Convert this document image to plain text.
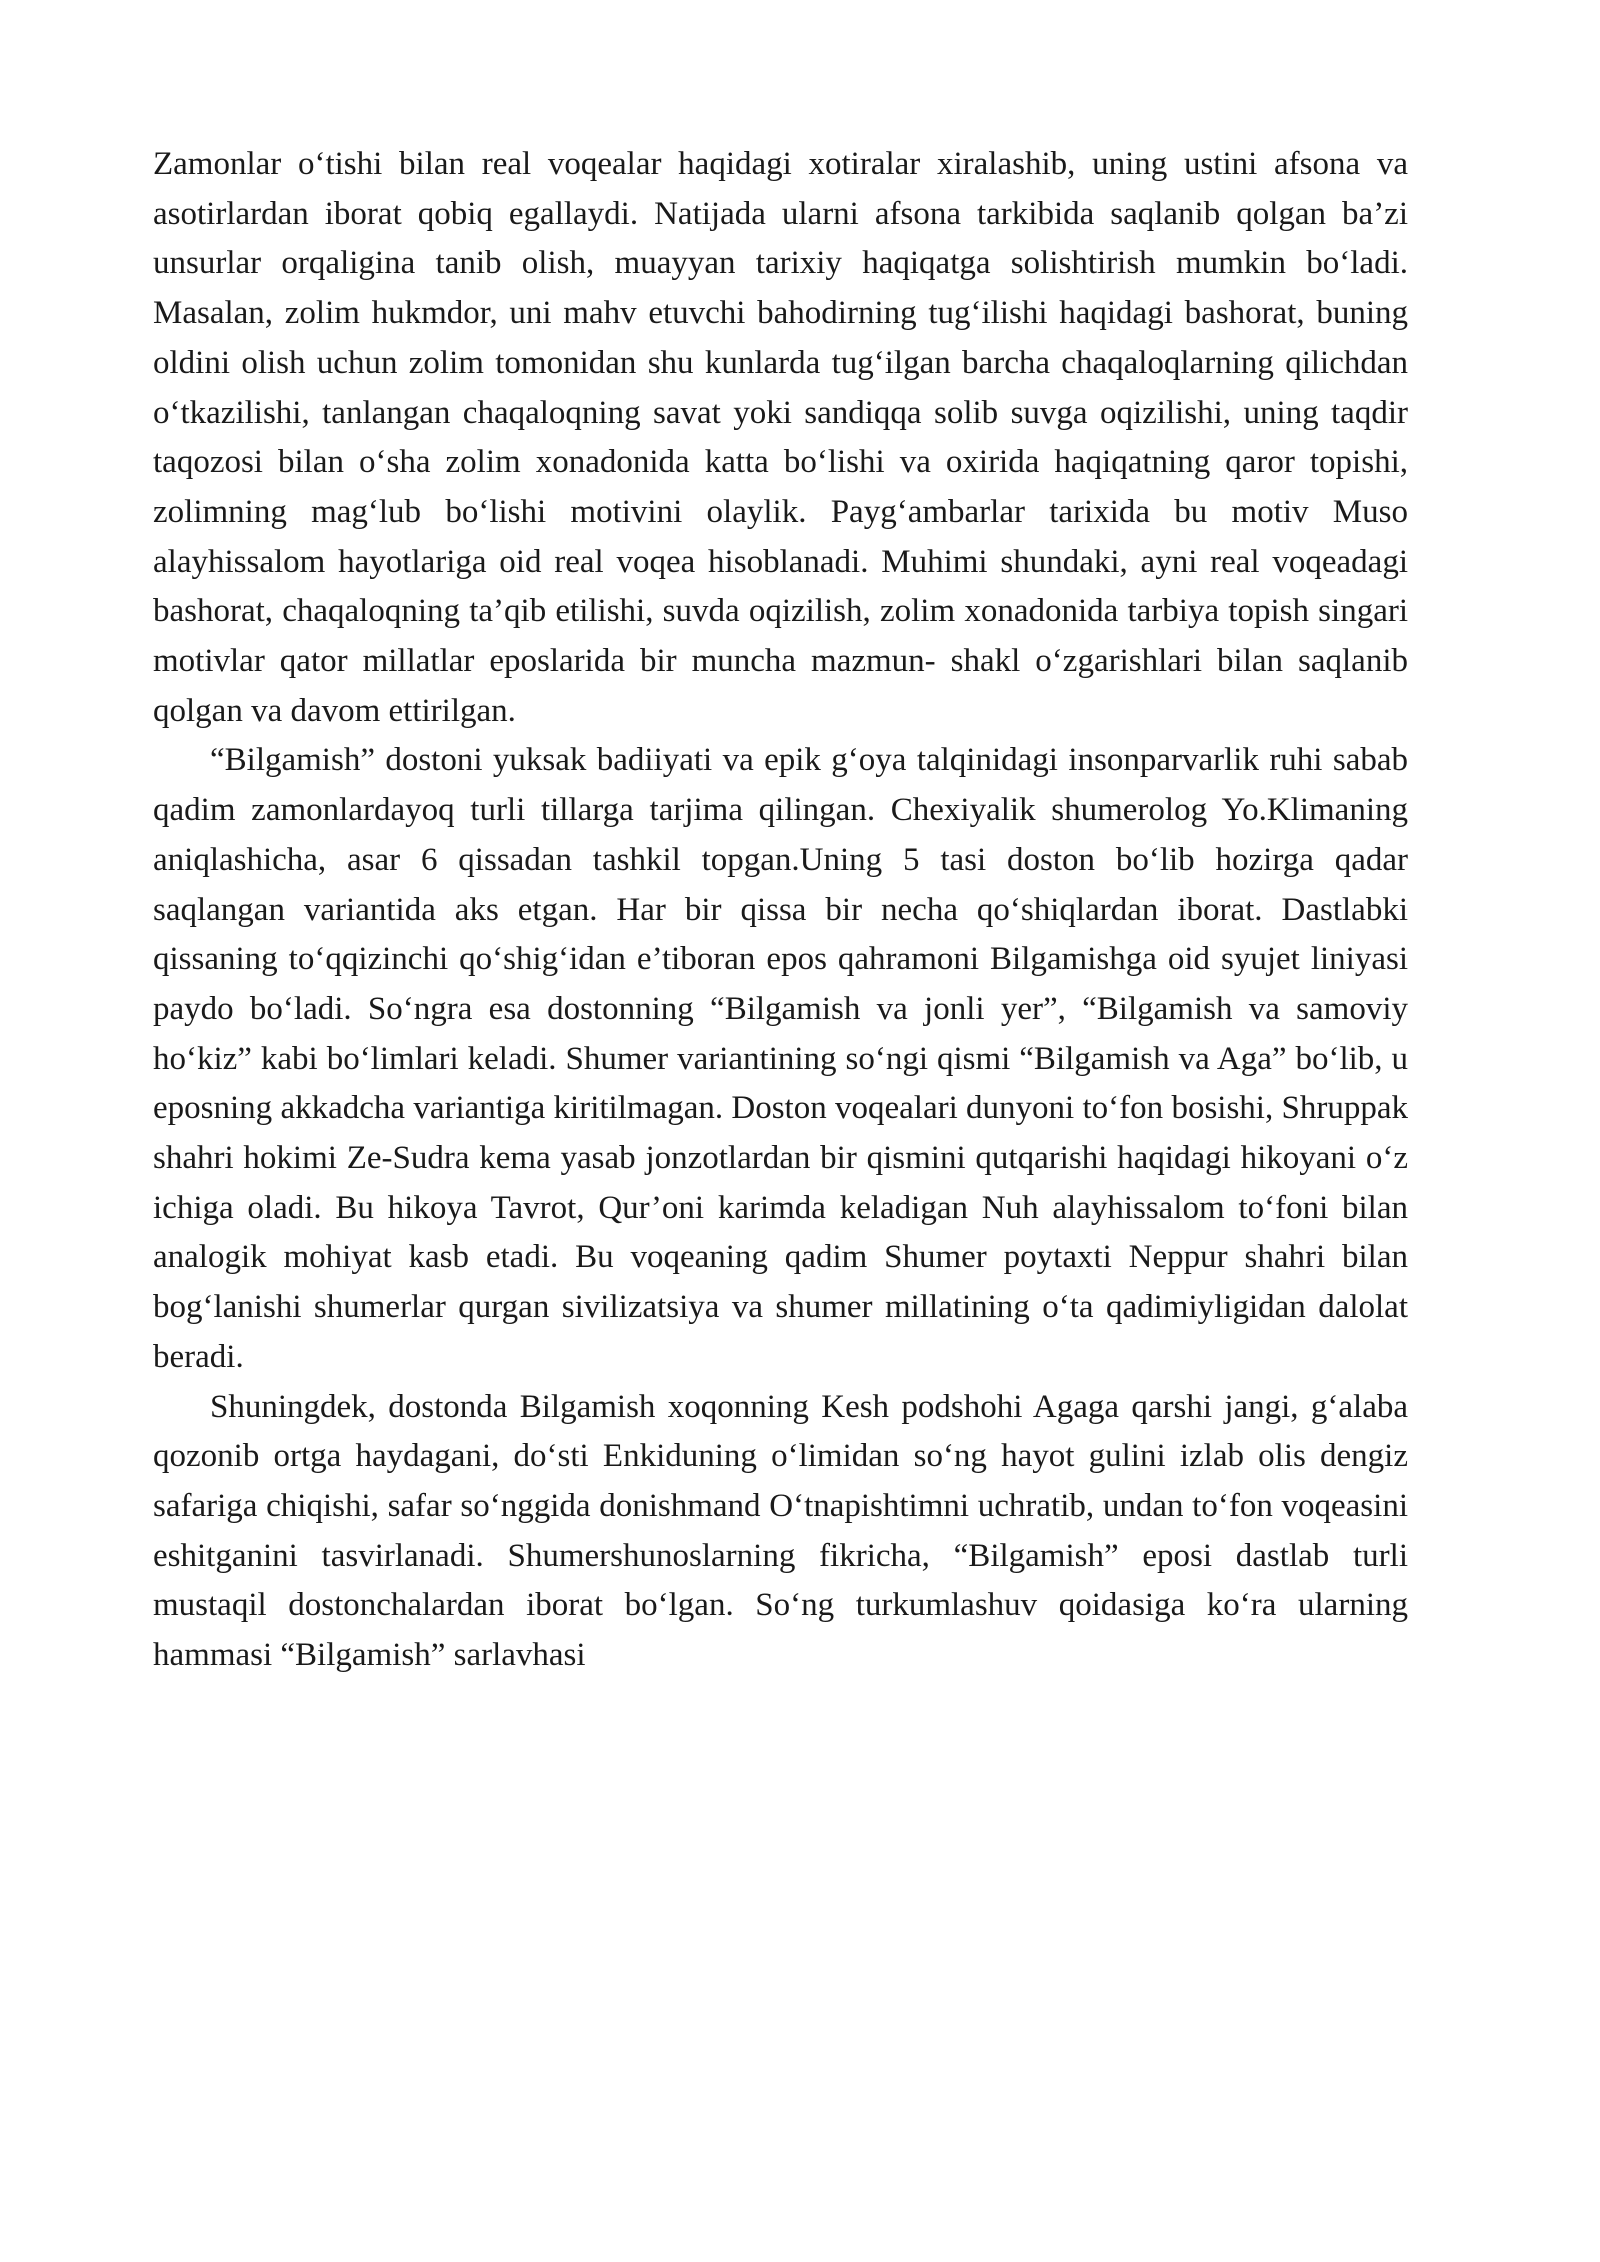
Zamonlar o‘tishi bilan real voqealar haqidagi xotiralar xiralashib, uning ustini afsona va asotirlardan iborat qobiq egallaydi. Natijada ularni afsona tarkibida saqlanib qolgan ba’zi unsurlar orqaligina tanib olish, muayyan tarixiy haqiqatga solishtirish mumkin bo‘ladi. Masalan, zolim hukmdor, uni mahv etuvchi bahodirning tug‘ilishi haqidagi bashorat, buning oldini olish uchun zolim tomonidan shu kunlarda tug‘ilgan barcha chaqaloqlarning qilichdan o‘tkazilishi, tanlangan chaqaloqning savat yoki sandiqqa solib suvga oqizilishi, uning taqdir taqozosi bilan o‘sha zolim xonadonida katta bo‘lishi va oxirida haqiqatning qaror topishi, zolimning mag‘lub bo‘lishi motivini olaylik. Payg‘ambarlar tarixida bu motiv Muso alayhissalom hayotlariga oid real voqea hisoblanadi. Muhimi shundaki, ayni real voqeadagi bashorat, chaqaloqning ta’qib etilishi, suvda oqizilish, zolim xonadonida tarbiya topish singari motivlar qator millatlar eposlarida bir muncha mazmun- shakl o‘zgarishlari bilan saqlanib qolgan va davom ettirilgan.

“Bilgamish” dostoni yuksak badiiyati va epik g‘oya talqinidagi insonparvarlik ruhi sabab qadim zamonlardayoq turli tillarga tarjima qilingan. Chexiyalik shumerolog Yo.Klimaning aniqlashicha, asar 6 qissadan tashkil topgan.Uning 5 tasi doston bo‘lib hozirga qadar saqlangan variantida aks etgan. Har bir qissa bir necha qo‘shiqlardan iborat. Dastlabki qissaning to‘qqizinchi qo‘shig‘idan e’tiboran epos qahramoni Bilgamishga oid syujet liniyasi paydo bo‘ladi. So‘ngra esa dostonning “Bilgamish va jonli yer”, “Bilgamish va samoviy ho‘kiz” kabi bo‘limlari keladi. Shumer variantining so‘ngi qismi “Bilgamish va Aga” bo‘lib, u eposning akkadcha variantiga kiritilmagan. Doston voqealari dunyoni to‘fon bosishi, Shruppak shahri hokimi Ze-Sudra kema yasab jonzotlardan bir qismini qutqarishi haqidagi hikoyani o‘z ichiga oladi. Bu hikoya Tavrot, Qur’oni karimda keladigan Nuh alayhissalom to‘foni bilan analogik mohiyat kasb etadi. Bu voqeaning qadim Shumer poytaxti Neppur shahri bilan bog‘lanishi shumerlar qurgan sivilizatsiya va shumer millatining o‘ta qadimiyligidan dalolat beradi.

Shuningdek, dostonda Bilgamish xoqonning Kesh podshohi Agaga qarshi jangi, g‘alaba qozonib ortga haydagani, do‘sti Enkiduning o‘limidan so‘ng hayot gulini izlab olis dengiz safariga chiqishi, safar so‘nggida donishmand O‘tnapishtimni uchratib, undan to‘fon voqeasini eshitganini tasvirlanadi. Shumershunoslarning fikricha, “Bilgamish” eposi dastlab turli mustaqil dostonchalardan iborat bo‘lgan. So‘ng turkumlashuv qoidasiga ko‘ra ularning hammasi “Bilgamish” sarlavhasi
